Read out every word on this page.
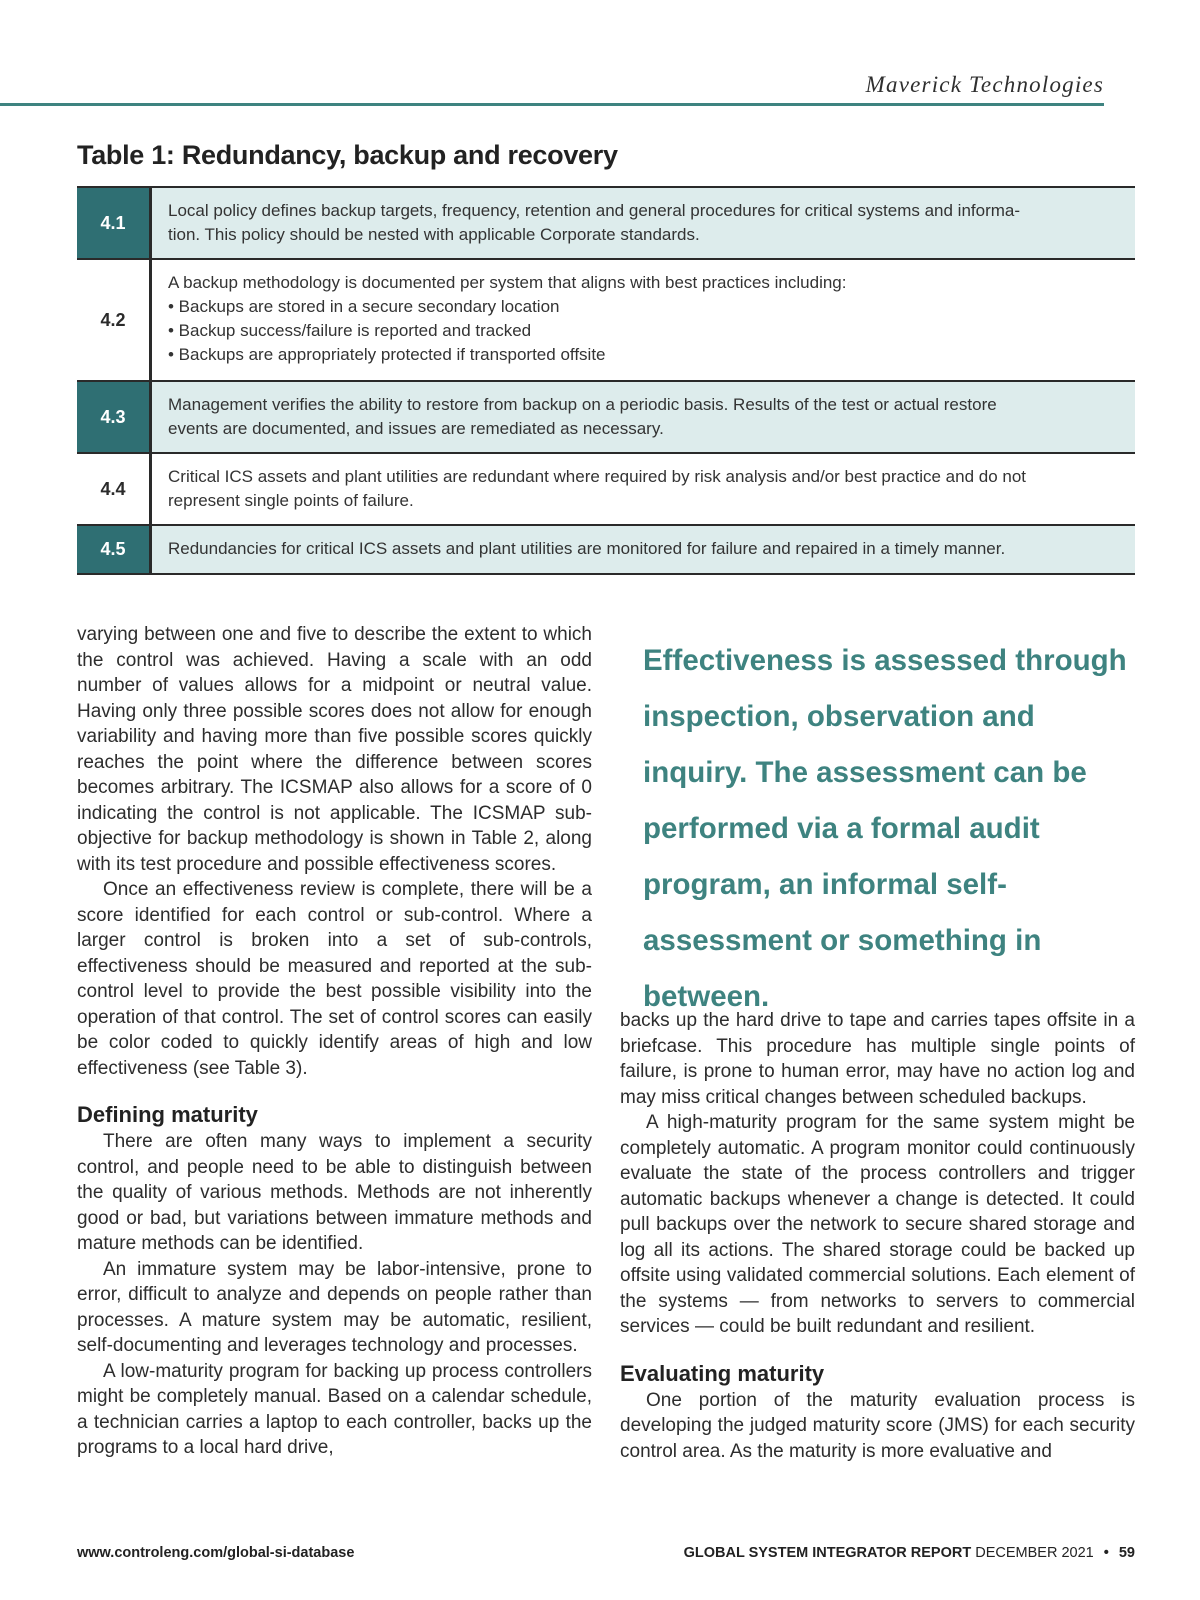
Maverick Technologies
Table 1: Redundancy, backup and recovery
4.1
Local policy defines backup targets, frequency, retention and general procedures for critical systems and informa-
tion. This policy should be nested with applicable Corporate standards.
4.2
A backup methodology is documented per system that aligns with best practices including:
• Backups are stored in a secure secondary location
• Backup success/failure is reported and tracked
• Backups are appropriately protected if transported offsite
4.3
Management verifies the ability to restore from backup on a periodic basis. Results of the test or actual restore
events are documented, and issues are remediated as necessary.
4.4
Critical ICS assets and plant utilities are redundant where required by risk analysis and/or best practice and do not
represent single points of failure.
4.5	Redundancies for critical ICS assets and plant utilities are monitored for failure and repaired in a timely manner.

varying between one and five to describe the extent to which the control was achieved. Having a scale with an odd number of values allows for a midpoint or neutral value. Having only three possible scores does not allow for enough variability and having more than five possible scores quickly reaches the point where the difference between scores becomes arbitrary. The ICSMAP also allows for a score of 0 indicating the control is not applicable. The ICSMAP sub-objective for backup methodology is shown in Table 2, along with its test procedure and possible effectiveness scores.

Once an effectiveness review is complete, there will be a score identified for each control or sub-control. Where a larger control is broken into a set of sub-controls, effectiveness should be measured and reported at the sub-control level to provide the best possible visibility into the operation of that control. The set of control scores can easily be color coded to quickly identify areas of high and low effectiveness (see Table 3).

Defining maturity

There are often many ways to implement a security control, and people need to be able to distinguish between the quality of various methods. Methods are not inherently good or bad, but variations between immature methods and mature methods can be identified.

An immature system may be labor-intensive, prone to error, difficult to analyze and depends on people rather than processes. A mature system may be automatic, resilient, self-documenting and leverages technology and processes.

A low-maturity program for backing up process controllers might be completely manual. Based on a calendar schedule, a technician carries a laptop to each controller, backs up the programs to a local hard drive,

Effectiveness is assessed through inspection, observation and inquiry. The assessment can be performed via a formal audit program, an informal self-assessment or something in between.

backs up the hard drive to tape and carries tapes offsite in a briefcase. This procedure has multiple single points of failure, is prone to human error, may have no action log and may miss critical changes between scheduled backups.

A high-maturity program for the same system might be completely automatic. A program monitor could continuously evaluate the state of the process controllers and trigger automatic backups whenever a change is detected. It could pull backups over the network to secure shared storage and log all its actions. The shared storage could be backed up offsite using validated commercial solutions. Each element of the systems — from networks to servers to commercial services — could be built redundant and resilient.

Evaluating maturity

One portion of the maturity evaluation process is developing the judged maturity score (JMS) for each security control area. As the maturity is more evaluative and

www.controleng.com/global-si-database	GLOBAL SYSTEM INTEGRATOR REPORT DECEMBER 2021 • 59
